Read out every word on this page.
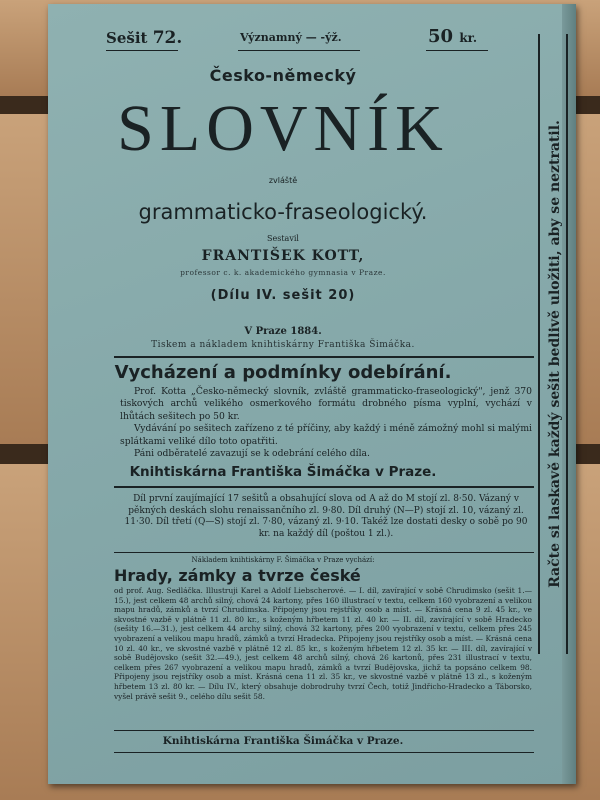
Sešit 72.	Významný — -ýž.	50 kr.
Česko-německý
SLOVNÍK
zvláště
grammaticko-fraseologický.
Sestavil
FRANTIŠEK KOTT,
professor c. k. akademického gymnasia v Praze.
(Dílu IV. sešit 20)
V Praze 1884.
Tiskem a nákladem knihtiskárny Františka Šimáčka.
Vycházení a podmínky odebírání.

Prof. Kotta „Česko-německý slovník, zvláště grammaticko-fraseologický", jenž 370 tiskových archů velikého osmerkového formátu drobného písma vyplní, vychází v lhůtách sešitech po 50 kr.

Vydávání po sešitech zařízeno z té příčiny, aby každý i méně zámožný mohl si malými splátkami veliké dílo toto opatřiti.

Páni odběratelé zavazují se k odebrání celého díla.

Knihtiskárna Františka Šimáčka v Praze.
Díl první zaujímající 17 sešitů a obsahující slova od A až do M stojí zl. 8·50. Vázaný v pěkných deskách slohu renaissančního zl. 9·80. Díl druhý (N—P) stojí zl. 10, vázaný zl. 11·30. Díl třetí (Q—S) stojí zl. 7·80, vázaný zl. 9·10. Takéž lze dostati desky o sobě po 90 kr. na každý díl (poštou 1 zl.).
Nákladem knihtiskárny F. Šimáčka v Praze vychází:
Hrady, zámky a tvrze české
od prof. Aug. Sedláčka. Illustruji Karel a Adolf Liebscherové. — I. díl, zavírající v sobě Chrudimsko (sešit 1.—15.), jest celkem 48 archů silný, chová 24 kartony, přes 160 illustrací v textu, celkem 160 vyobrazení a velikou mapu hradů, zámků a tvrzí Chrudimska. Připojeny jsou rejstříky osob a míst. — Krásná cena 9 zl. 45 kr., ve skvostné vazbě v plátně 11 zl. 80 kr., s koženým hřbetem 11 zl. 40 kr. — II. díl, zavírající v sobě Hradecko (sešity 16.—31.), jest celkem 44 archy silný, chová 32 kartony, přes 200 vyobrazení v textu, celkem přes 245 vyobrazení a velikou mapu hradů, zámků a tvrzí Hradecka. Připojeny jsou rejstříky osob a míst. — Krásná cena 10 zl. 40 kr., ve skvostné vazbě v plátně 12 zl. 85 kr., s koženým hřbetem 12 zl. 35 kr. — III. díl, zavírající v sobě Budějovsko (sešit 32.—49.), jest celkem 48 archů silný, chová 26 kartonů, přes 231 illustrací v textu, celkem přes 267 vyobrazení a velikou mapu hradů, zámků a tvrzí Budějovska, jichž ta popsáno celkem 98. Připojeny jsou rejstříky osob a míst. Krásná cena 11 zl. 35 kr., ve skvostné vazbě v plátně 13 zl., s koženým hřbetem 13 zl. 80 kr. — Dílu IV., který obsahuje dobrodruhy tvrzí Čech, totiž Jindřicho-Hradecko a Táborsko, vyšel právě sešit 9., celého dílu sešit 58.
Knihtiskárna Františka Šimáčka v Praze.
Račte si laskavě každý sešit bedlivě uložiti, aby se neztratil.
